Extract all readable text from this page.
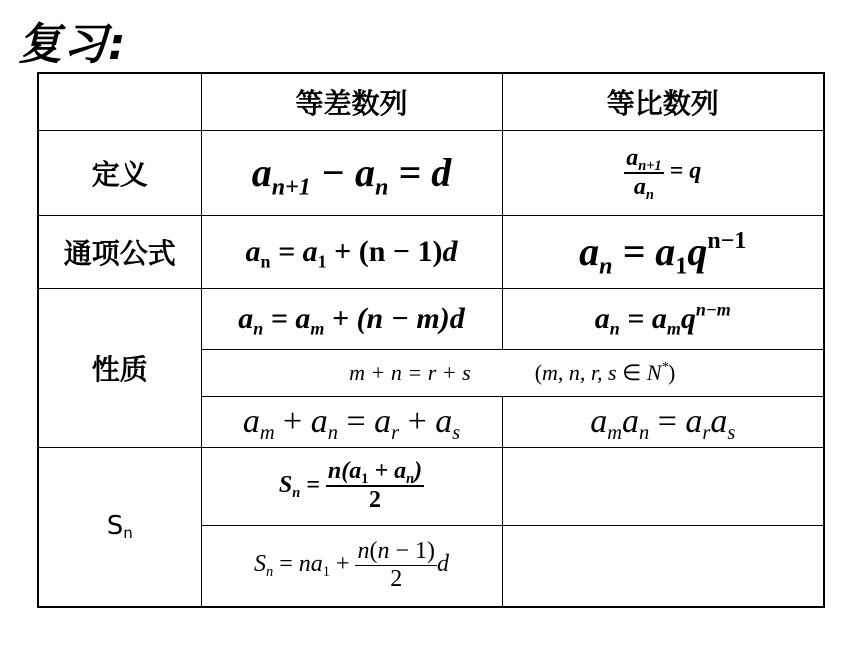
复习:
	等差数列	等比数列
定义	$a_{n+1} - a_n = d$	$\frac{a_{n+1}}{a_n} = q$
通项公式	$a_n = a_1 + (n - 1)d$	$a_n = a_1q^{n-1}$
性质	$a_n = a_m + (n - m)d$	$a_n = a_mq^{n-m}$
	m + n = r + s (m, n, r, s ∈ N*)	
	$a_m + a_n = a_r + a_s$	$a_ma_n = a_ra_s$
$S_n$	$S_n = \frac{n(a_1 + a_n)}{2}$

	$S_n = na_1 + \frac{n(n - 1)}{2}$ d	
